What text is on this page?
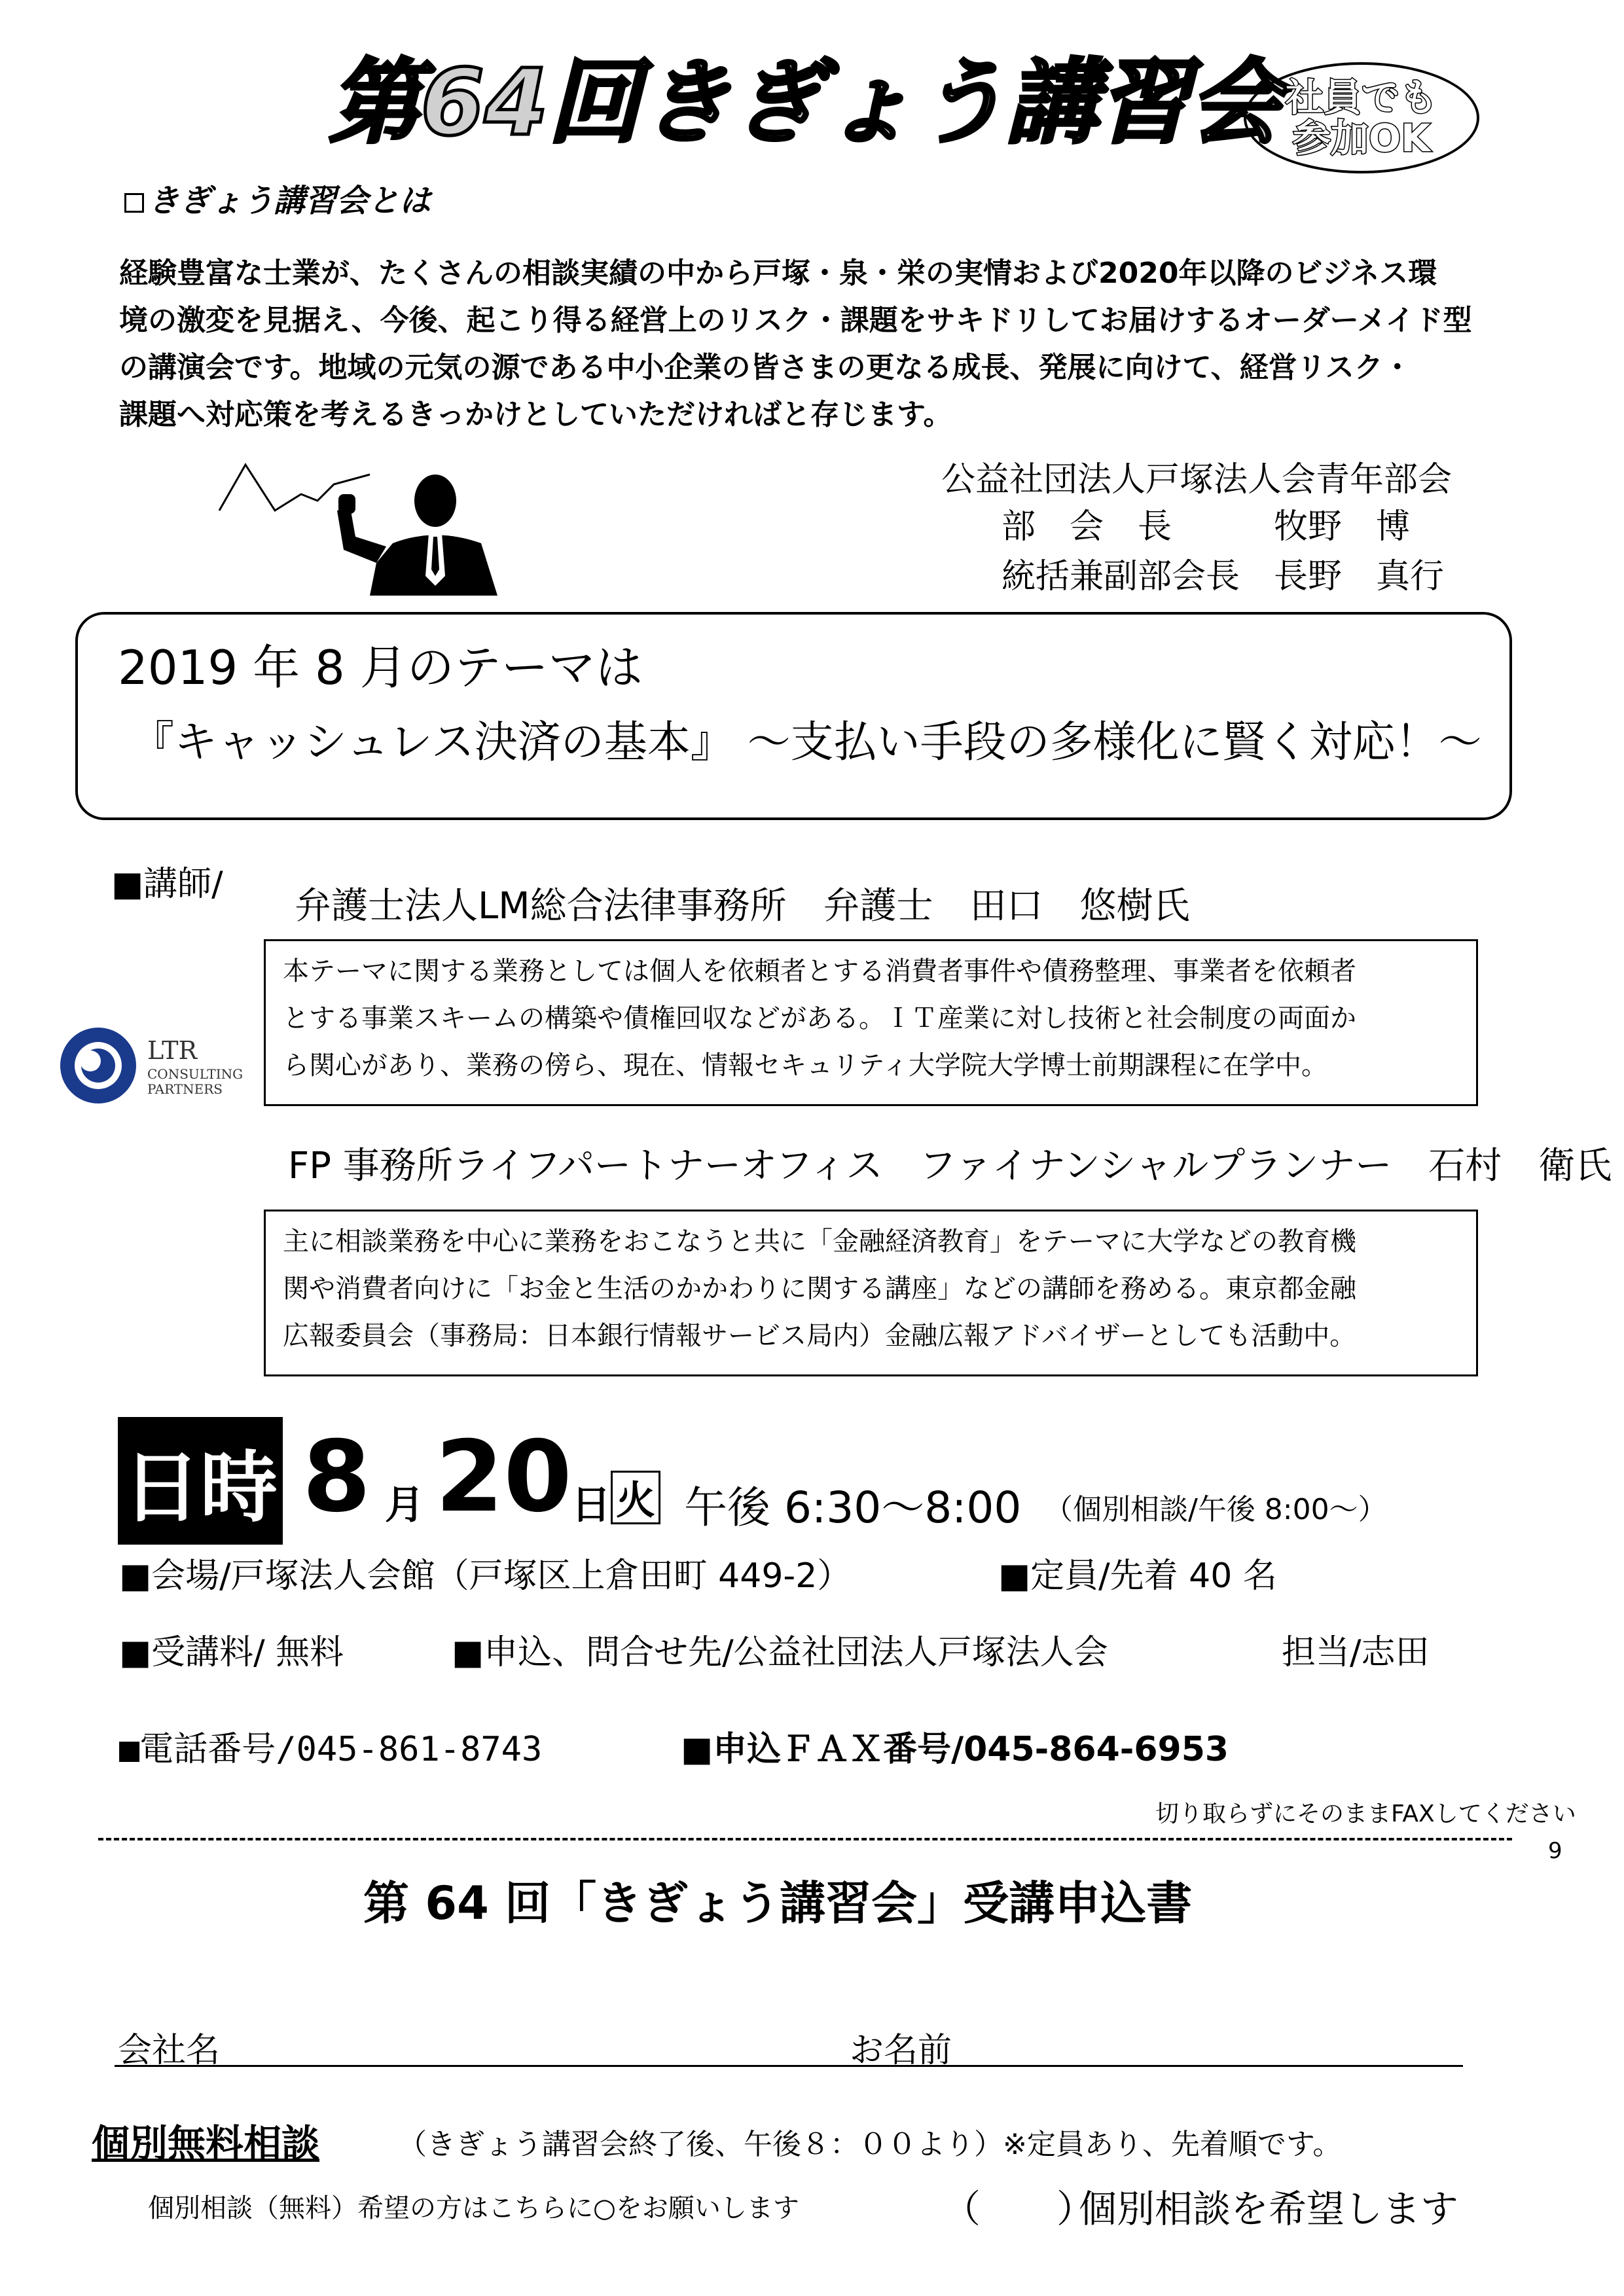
第64回きぎょう講習会 社員でも
参加OK
きぎょう講習会とは
経験豊富な士業が、たくさんの相談実績の中から戸塚・泉・栄の実情および2020年以降のビジネス環
境の激変を見据え、今後、起こり得る経営上のリスク・課題をサキドリしてお届けするオーダーメイド型
の講演会です。地域の元気の源である中小企業の皆さまの更なる成長、発展に向けて、経営リスク・
課題へ対応策を考えるきっかけとしていただければと存じます。
公益社団法人戸塚法人会青年部会
部　会　長　　　牧野　博
統括兼副部会長　長野　真行
2019 年 8 月のテーマは
『キャッシュレス決済の基本』 ～支払い手段の多様化に賢く対応！～
■講師/
弁護士法人LM総合法律事務所　弁護士　田口　悠樹氏
本テーマに関する業務としては個人を依頼者とする消費者事件や債務整理、事業者を依頼者
とする事業スキームの構築や債権回収などがある。ＩＴ産業に対し技術と社会制度の両面か
ら関心があり、業務の傍ら、現在、情報セキュリティ大学院大学博士前期課程に在学中。
LTR
CONSULTING
PARTNERS
FP 事務所ライフパートナーオフィス　ファイナンシャルプランナー　石村　衛氏
主に相談業務を中心に業務をおこなうと共に「金融経済教育」をテーマに大学などの教育機
関や消費者向けに「お金と生活のかかわりに関する講座」などの講師を務める。東京都金融
広報委員会（事務局：日本銀行情報サービス局内）金融広報アドバイザーとしても活動中。
日時 8 月 20 日 火 午後 6:30～8:00 （個別相談/午後 8:00～）
■会場/戸塚法人会館（戸塚区上倉田町 449-2）	■定員/先着 40 名
■受講料/ 無料	■申込、問合せ先/公益社団法人戸塚法人会	担当/志田
■電話番号/045-861-8743	■申込ＦＡＸ番号/045-864-6953
切り取らずにそのままFAXしてください
9
第 64 回「きぎょう講習会」受講申込書
会社名	お名前
個別無料相談	（きぎょう講習会終了後、午後８：００より）※定員あり、先着順です。
個別相談（無料）希望の方はこちらに○をお願いします	（　　）
個別相談を希望します
